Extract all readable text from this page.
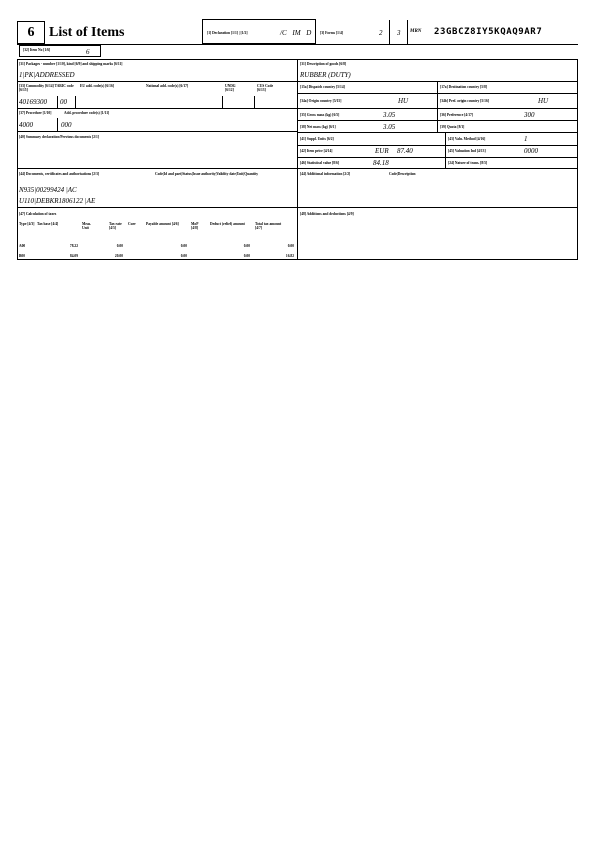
6	List of Items	[1] Declaration [1/1] | [1/2]	/C IM D [3] Forms [1/4]	2 3 MRN 23GBCZ8IY5KQAQ9AR7
[32] Item No [1/6]	6
[31] Packages - number [1/10], kind [6/9] and shipping marks [6/11]
1|PK|ADDRESSED
[31] Description of goods [6/8]
RUBBER (DUTY)
[33] Commodity [6/14] TARIC code [6/15]
EU add. code(s) [6/16]	National add. code(s) [6/17]	UNDG [6/12]
CUS Code [6/13]
40169300 00
[15a] Dispatch country [5/14]	[17a] Destination country [5/8]
[34a] Origin country [5/15]	HU	[34b] Pref. origin country [5/16]	HU
[37] Procedure [1/10]	Add. procedure code(s) [1/11]
4000	000
[35] Gross mass (kg) [6/5]	3.05	[36] Preference [4/17]	300
[38] Net mass (kg) [6/1]	3.05	[39] Quota [8/1]
[40] Summary declaration/Previous documents [2/1]	[41] Suppl. Units [6/2]	[43] Valu. Method [4/16]	1
[42] Item price [4/14]	EUR 87.40	[45] Valuation Ind [4/13]	0000
[46] Statistical value [8/6]	84.18	[24] Nature of trans. [8/5]
[44] Documents, certificates and authorisations [2/3]	Code|Id and part|Status|Issue authority|Validity date|Unit|Quantity
N935|00299424 |AC
U110|DEBKR1806122 |AE
[44] Additional information [2/2]	Code|Description
[47] Calculation of taxes	[48] Additions and deductions [4/9]
Type [4/3] Tax base [4/4]	Meas. Unit
Tax rate [4/5]
Curr	Payable amount [4/6]	MoP [4/8]
Deduct (relief) amount	Total tax amount [4/7]
A00	78.22	0.00	0.00	0.00	0.00
B00	84.09	20.00	0.00	0.00	16.82
